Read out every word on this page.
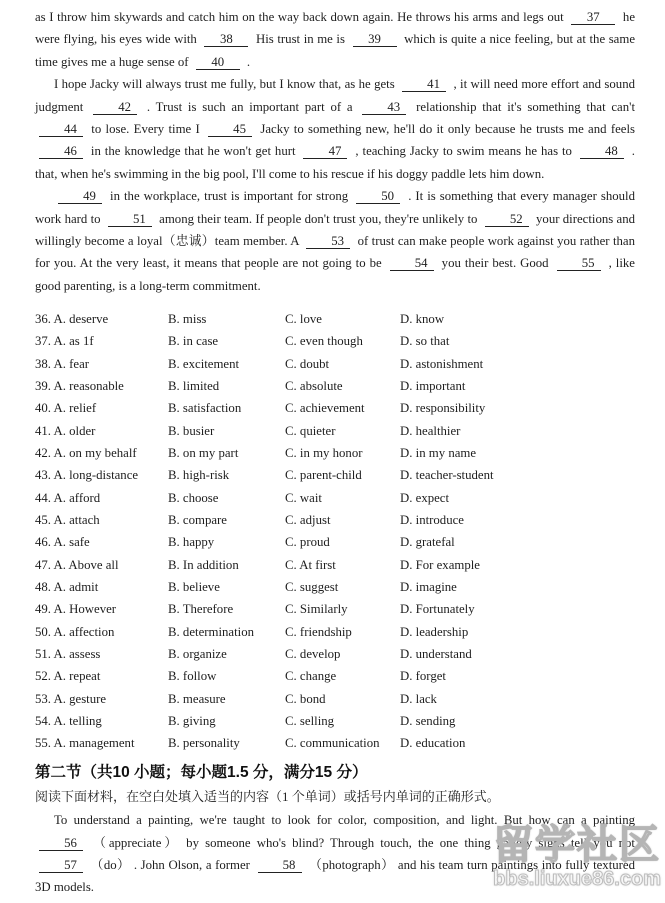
as I throw him skywards and catch him on the way back down again. He throws his arms and legs out 37 he were flying, his eyes wide with 38 His trust in me is 39 which is quite a nice feeling, but at the same time gives me a huge sense of 40 .

I hope Jacky will always trust me fully, but I know that, as he gets 41 , it will need more effort and sound judgment 42 . Trust is such an important part of a 43 relationship that it's something that can't 44 to lose. Every time I 45 Jacky to something new, he'll do it only because he trusts me and feels 46 in the knowledge that he won't get hurt 47 , teaching Jacky to swim means he has to 48 . that, when he's swimming in the big pool, I'll come to his rescue if his doggy paddle lets him down.

49 in the workplace, trust is important for strong 50 . It is something that every manager should work hard to 51 among their team. If people don't trust you, they're unlikely to 52 your directions and willingly become a loyal（忠诚）team member. A 53 of trust can make people work against you rather than for you. At the very least, it means that people are not going to be 54 you their best. Good 55 , like good parenting, is a long-term commitment.

36. A. deserve	B. miss	C. love	D. know
37. A. as 1f	B. in case	C. even though	D. so that
38. A. fear	B. excitement	C. doubt	D. astonishment
39. A. reasonable	B. limited	C. absolute	D. important
40. A. relief	B. satisfaction	C. achievement	D. responsibility
41. A. older	B. busier	C. quieter	D. healthier
42. A. on my behalf	B. on my part	C. in my honor	D. in my name
43. A. long-distance	B. high-risk	C. parent-child	D. teacher-student
44. A. afford	B. choose	C. wait	D. expect
45. A. attach	B. compare	C. adjust	D. introduce
46. A. safe	B. happy	C. proud	D. gratefal
47. A. Above all	B. In addition	C. At first	D. For example
48. A. admit	B. believe	C. suggest	D. imagine
49. A. However	B. Therefore	C. Similarly	D. Fortunately
50. A. affection	B. determination	C. friendship	D. leadership
51. A. assess	B. organize	C. develop	D. understand
52. A. repeat	B. follow	C. change	D. forget
53. A. gesture	B. measure	C. bond	D. lack
54. A. telling	B. giving	C. selling	D. sending
55. A. management	B. personality	C. communication	D. education
第二节（共10 小题；每小题1.5 分，满分15 分）

阅读下面材料，在空白处填入适当的内容（1 个单词）或括号内单词的正确形式。

To understand a painting, we're taught to look for color, composition, and light. But how can a painting 56 （appreciate） by someone who's blind? Through touch, the one thing gallery signs tell you not 57 （do） . John Olson, a former 58 （photograph） and his team turn paintings into fully textured 3D models.

留学社区
bbs.liuxue86.com
